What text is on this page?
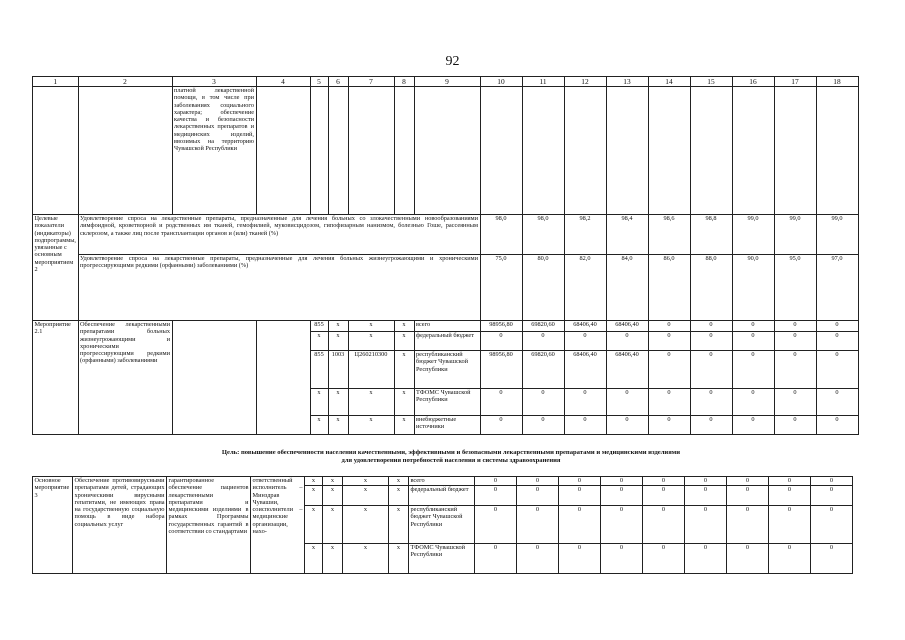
92
1	2	3	4	5	6	7	8	9	10	11	12	13	14	15	16	17	18
		платной лекарственной помощи, в том числе при заболеваниях социального характера; обеспечение качества и безопасности лекарственных препаратов и медицинских изделий, ввозимых на территорию Чувашской Республики															
Целевые показатели (индикаторы) подпрограммы, увязанные с основным мероприятием 2	Удовлетворение спроса на лекарственные препараты, предназначенные для лечения больных со злокачественными новообразованиями лимфоидной, кроветворной и родственных им тканей, гемофилией, муковисцидозом, гипофизарным нанизмом, болезнью Гоше, рассеянным склерозом, а также лиц после трансплантации органов и (или) тканей (%)								98,0	98,0	98,2	98,4	98,6	98,8	99,0	99,0	99,0
	Удовлетворение спроса на лекарственные препараты, предназначенные для лечения больных жизнеугрожающими и хроническими прогрессирующими редкими (орфанными) заболеваниями (%)								75,0	80,0	82,0	84,0	86,0	88,0	90,0	95,0	97,0
Мероприятие 2.1	Обеспечение лекарственными препаратами больных жизнеугрожающими и хроническими прогрессирующими редкими (орфанными) заболеваниями			855	x	x	x	всего	98956,80	69820,60	68406,40	68406,40	0	0	0	0	0
				x	x	x	x	федеральный бюджет	0	0	0	0	0	0	0	0	0
				855	1003	Ц260210300	x	республиканский бюджет Чувашской Республики	98956,80	69820,60	68406,40	68406,40	0	0	0	0	0
				x	x	x	x	ТФОМС Чувашской Республики	0	0	0	0	0	0	0	0	0
				x	x	x	x	внебюджетные источники	0	0	0	0	0	0	0	0	0
Цель: повышение обеспеченности населения качественными, эффективными и безопасными лекарственными препаратами и медицинскими изделиями
для удовлетворения потребностей населения и системы здравоохранения
Основное мероприятие 3	Обеспечение противовирусными препаратами детей, страдающих хроническими вирусными гепатитами, не имеющих права на государственную социальную помощь в виде набора социальных услуг	гарантированное обеспечение пациентов лекарственными препаратами и медицинскими изделиями в рамках Программы государственных гарантий в соответствии со стандартами	ответственный исполнитель – Минздрав Чувашии, соисполнители – медицинские организации, нахо-	x	x	x	x	всего	0	0	0	0	0	0	0	0	0
				x	x	x	x	федеральный бюджет	0	0	0	0	0	0	0	0	0
				x	x	x	x	республиканский бюджет Чувашской Республики	0	0	0	0	0	0	0	0	0
				x	x	x	x	ТФОМС Чувашской Республики	0	0	0	0	0	0	0	0	0
